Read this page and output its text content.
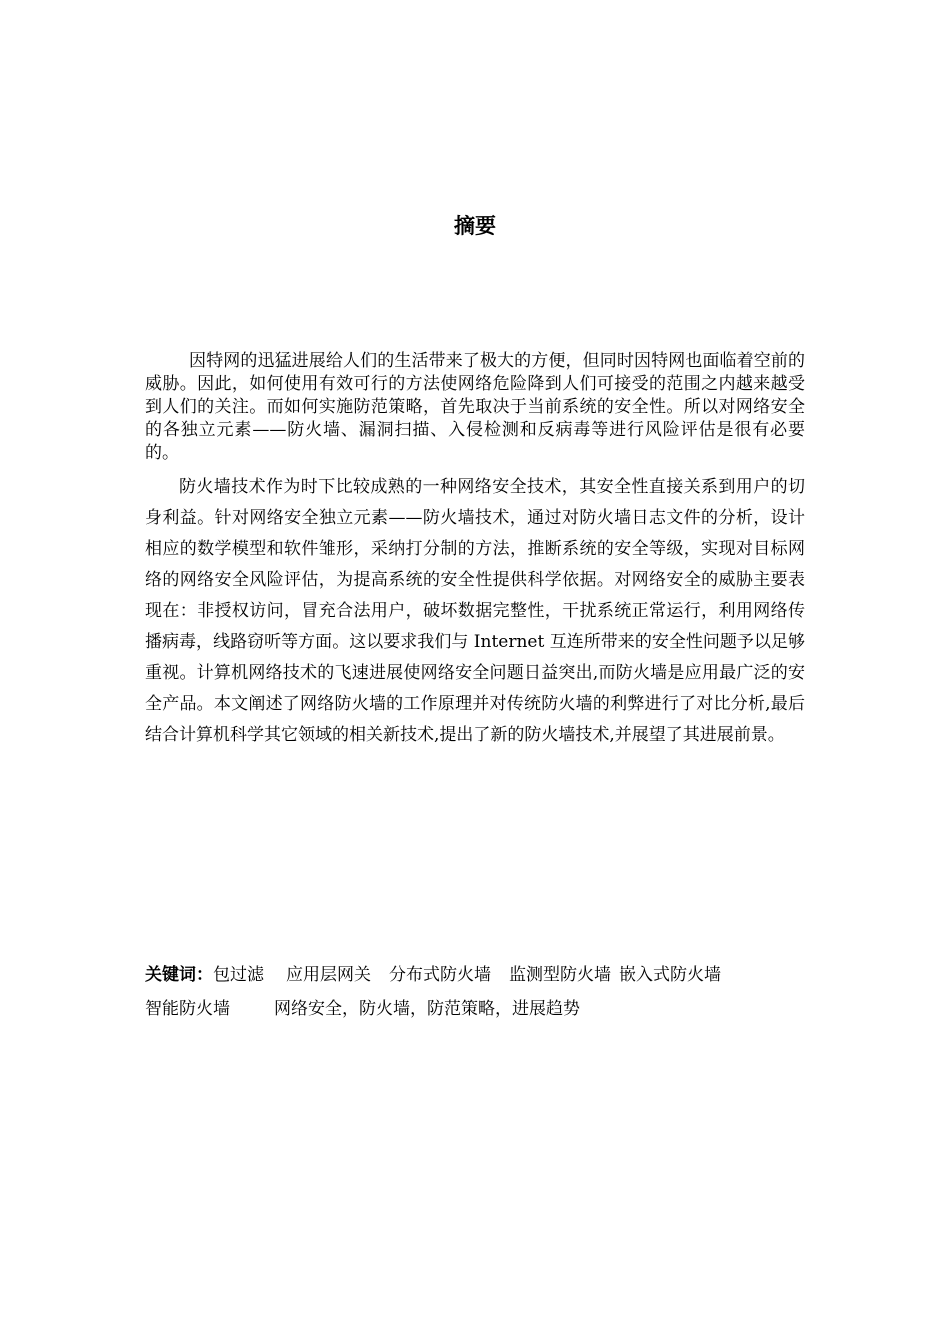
摘要

因特网的迅猛进展给人们的生活带来了极大的方便，但同时因特网也面临着空前的威胁。因此，如何使用有效可行的方法使网络危险降到人们可接受的范围之内越来越受到人们的关注。而如何实施防范策略，首先取决于当前系统的安全性。所以对网络安全的各独立元素——防火墙、漏洞扫描、入侵检测和反病毒等进行风险评估是很有必要的。

防火墙技术作为时下比较成熟的一种网络安全技术，其安全性直接关系到用户的切身利益。针对网络安全独立元素——防火墙技术，通过对防火墙日志文件的分析，设计相应的数学模型和软件雏形，采纳打分制的方法，推断系统的安全等级，实现对目标网络的网络安全风险评估，为提高系统的安全性提供科学依据。对网络安全的威胁主要表现在：非授权访问，冒充合法用户，破坏数据完整性，干扰系统正常运行，利用网络传播病毒，线路窃听等方面。这以要求我们与 Internet 互连所带来的安全性问题予以足够重视。计算机网络技术的飞速进展使网络安全问题日益突出,而防火墙是应用最广泛的安全产品。本文阐述了网络防火墙的工作原理并对传统防火墙的利弊进行了对比分析,最后结合计算机科学其它领域的相关新技术,提出了新的防火墙技术,并展望了其进展前景。

关键词：包过滤 应用层网关 分布式防火墙 监测型防火墙 嵌入式防火墙
智能防火墙	网络安全，防火墙，防范策略，进展趋势
